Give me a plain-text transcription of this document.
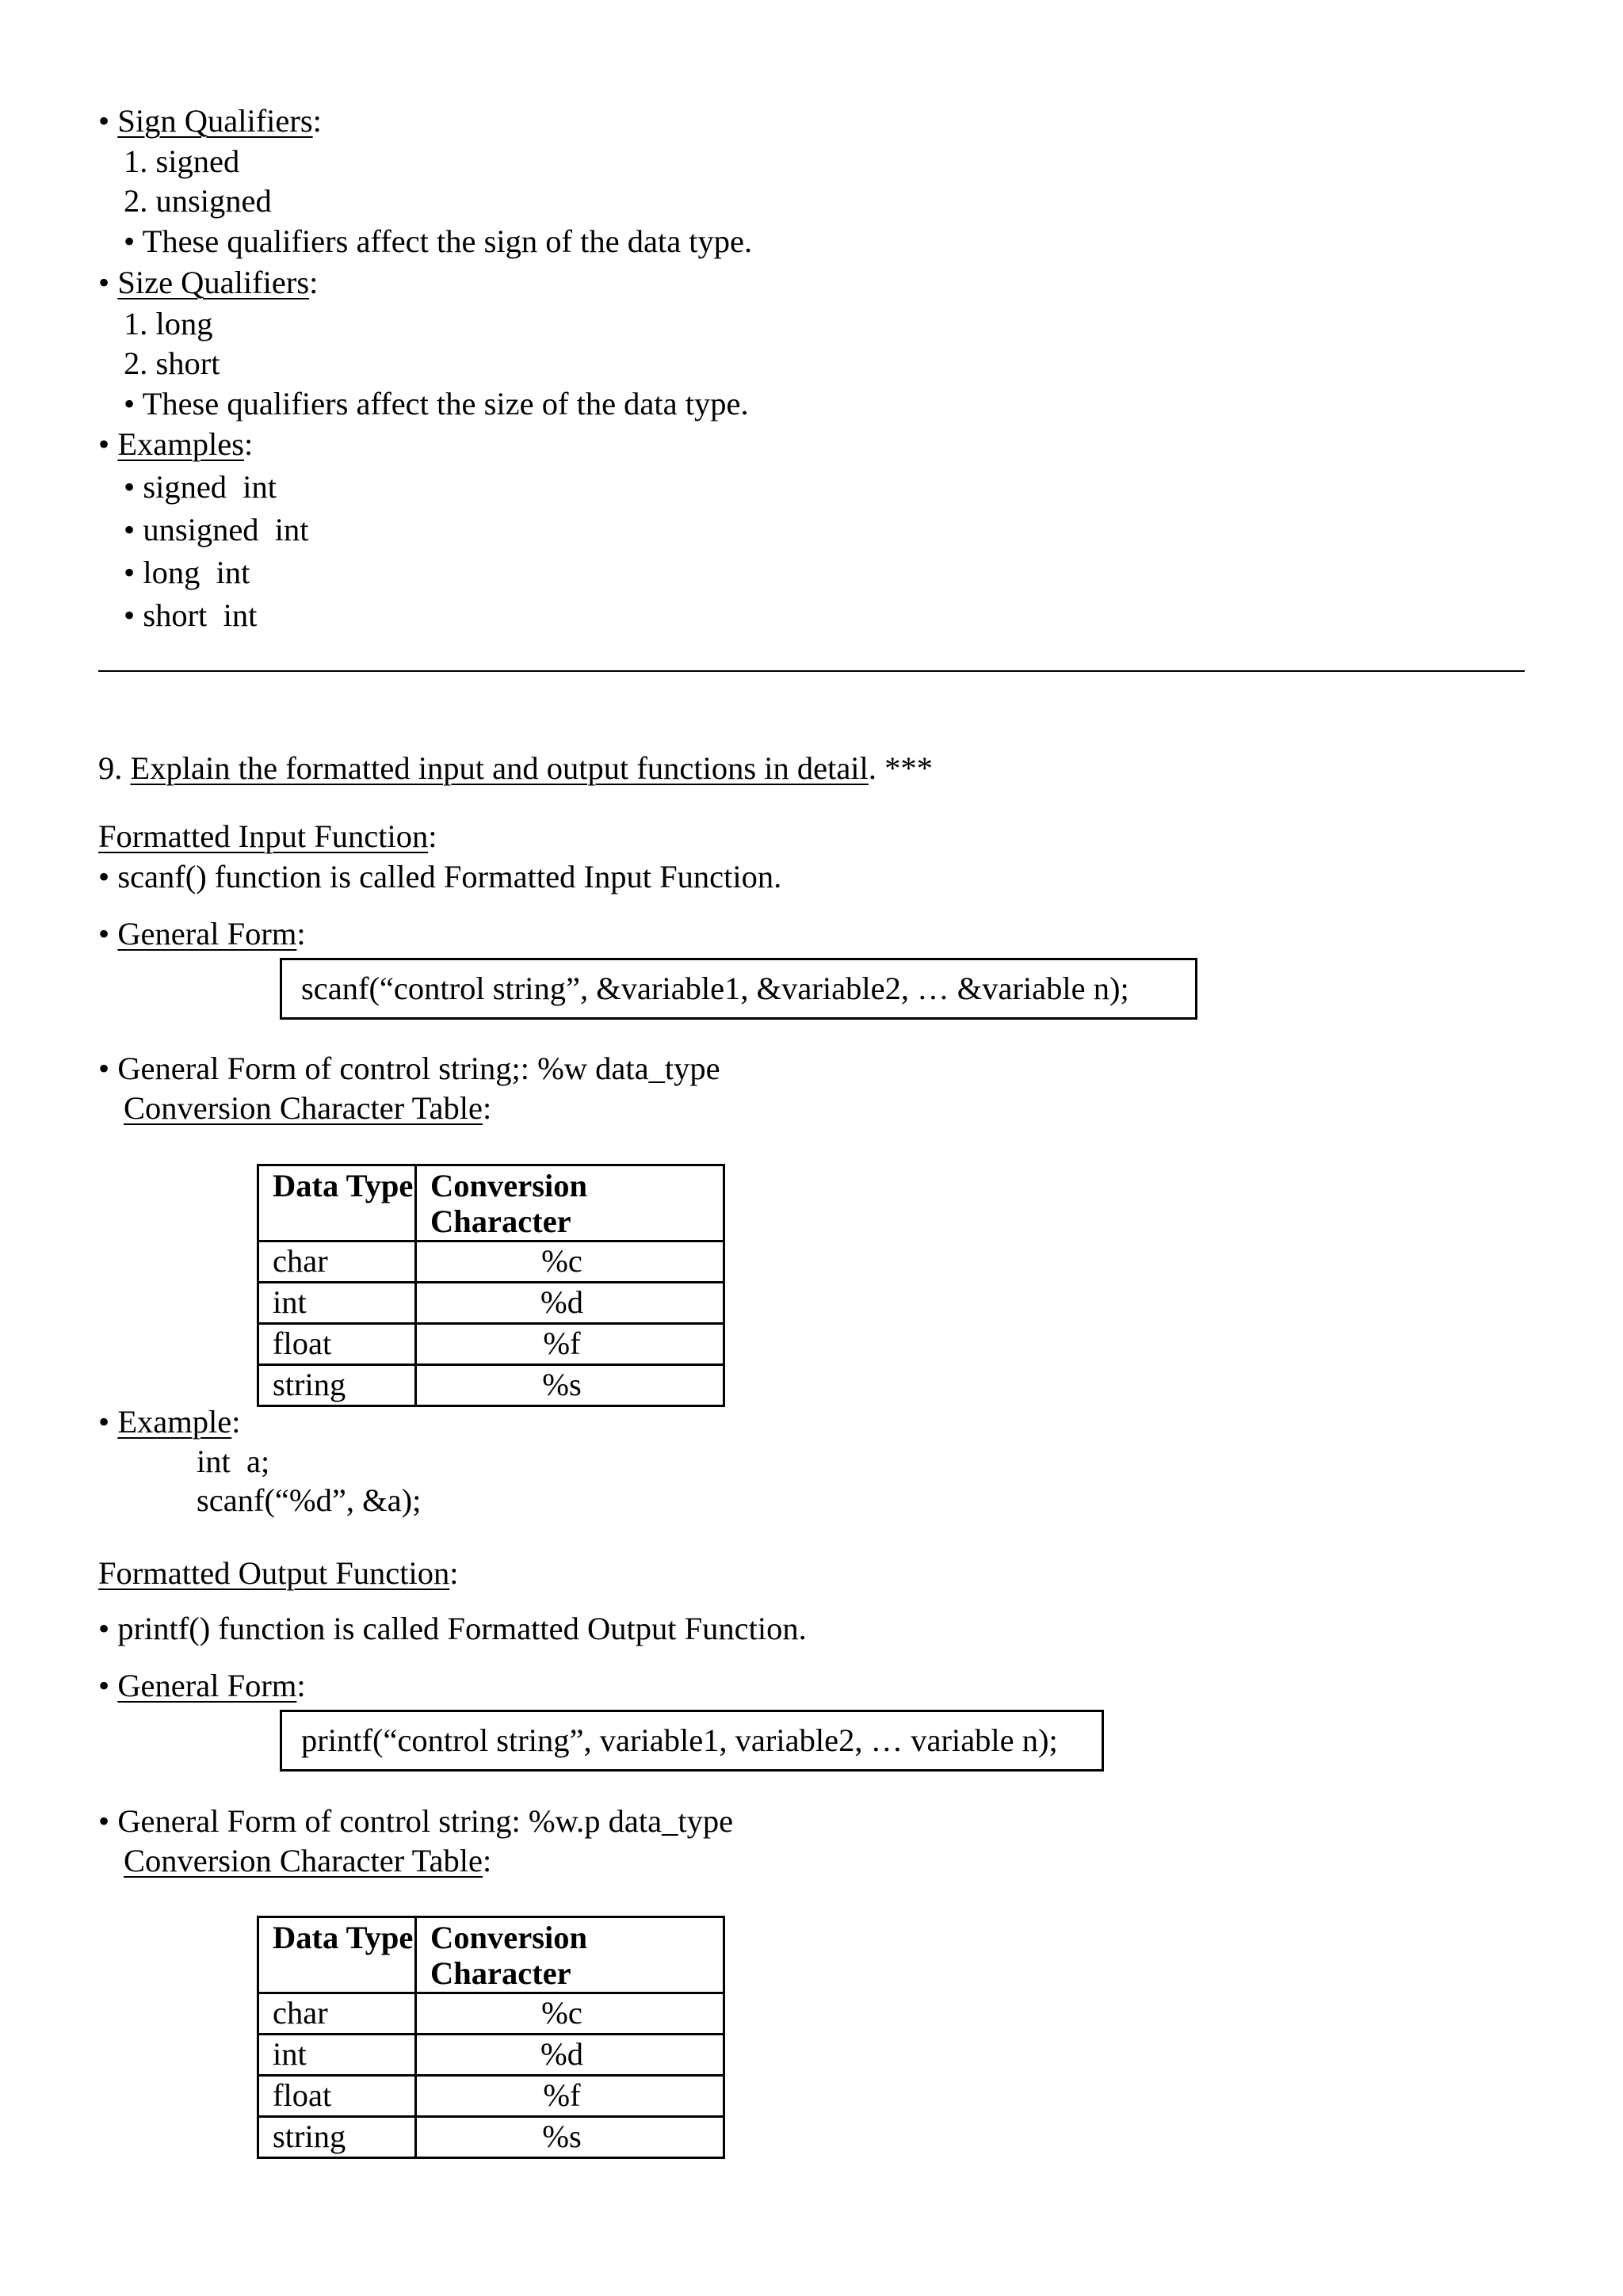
• Sign Qualifiers:
1. signed
2. unsigned
• These qualifiers affect the sign of the data type.
• Size Qualifiers:
1. long
2. short
• These qualifiers affect the size of the data type.
• Examples:
• signed  int
• unsigned  int
• long  int
• short  int
9. Explain the formatted input and output functions in detail. ***
Formatted Input Function:
• scanf() function is called Formatted Input Function.
• General Form:
scanf(“control string”, &variable1, &variable2, … &variable n);
• General Form of control string;: %w data_type
Conversion Character Table:
Data Type	Conversion Character
char	%c
int	%d
float	%f
string	%s
• Example:
int  a;
scanf(“%d”, &a);
Formatted Output Function:
• printf() function is called Formatted Output Function.
• General Form:
printf(“control string”, variable1, variable2, … variable n);
• General Form of control string: %w.p data_type
Conversion Character Table:
Data Type	Conversion Character
char	%c
int	%d
float	%f
string	%s
